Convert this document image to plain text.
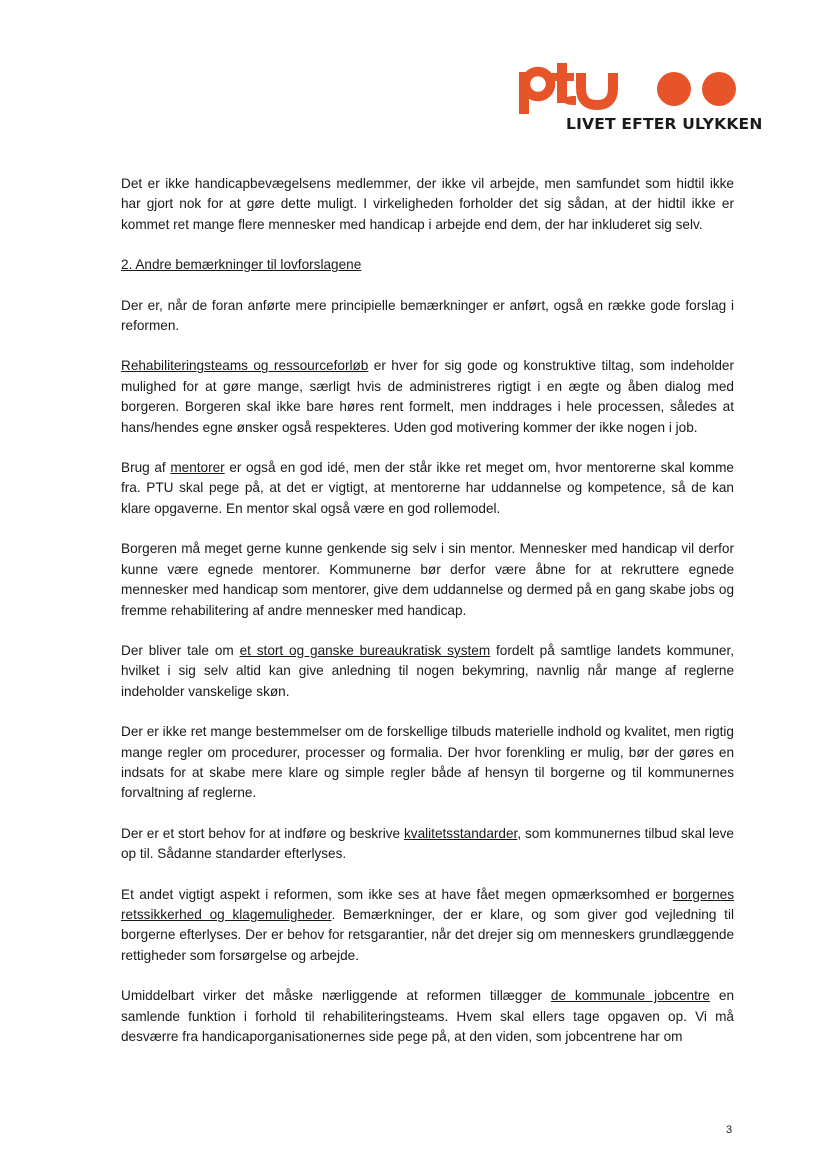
LIVET EFTER ULYKKEN

Det er ikke handicapbevægelsens medlemmer, der ikke vil arbejde, men samfundet som hidtil ikke har gjort nok for at gøre dette muligt. I virkeligheden forholder det sig sådan, at der hidtil ikke er kommet ret mange flere mennesker med handicap i arbejde end dem, der har inkluderet sig selv.

2. Andre bemærkninger til lovforslagene

Der er, når de foran anførte mere principielle bemærkninger er anført, også en række gode forslag i reformen.

Rehabiliteringsteams og ressourceforløb er hver for sig gode og konstruktive tiltag, som indeholder mulighed for at gøre mange, særligt hvis de administreres rigtigt i en ægte og åben dialog med borgeren. Borgeren skal ikke bare høres rent formelt, men inddrages i hele processen, således at hans/hendes egne ønsker også respekteres. Uden god motivering kommer der ikke nogen i job.

Brug af mentorer er også en god idé, men der står ikke ret meget om, hvor mentorerne skal komme fra. PTU skal pege på, at det er vigtigt, at mentorerne har uddannelse og kompetence, så de kan klare opgaverne. En mentor skal også være en god rollemodel.

Borgeren må meget gerne kunne genkende sig selv i sin mentor. Mennesker med handicap vil derfor kunne være egnede mentorer. Kommunerne bør derfor være åbne for at rekruttere egnede mennesker med handicap som mentorer, give dem uddannelse og dermed på en gang skabe jobs og fremme rehabilitering af andre mennesker med handicap.

Der bliver tale om et stort og ganske bureaukratisk system fordelt på samtlige landets kommuner, hvilket i sig selv altid kan give anledning til nogen bekymring, navnlig når mange af reglerne indeholder vanskelige skøn.

Der er ikke ret mange bestemmelser om de forskellige tilbuds materielle indhold og kvalitet, men rigtig mange regler om procedurer, processer og formalia. Der hvor forenkling er mulig, bør der gøres en indsats for at skabe mere klare og simple regler både af hensyn til borgerne og til kommunernes forvaltning af reglerne.

Der er et stort behov for at indføre og beskrive kvalitetsstandarder, som kommunernes tilbud skal leve op til. Sådanne standarder efterlyses.

Et andet vigtigt aspekt i reformen, som ikke ses at have fået megen opmærksomhed er borgernes retssikkerhed og klagemuligheder. Bemærkninger, der er klare, og som giver god vejledning til borgerne efterlyses. Der er behov for retsgarantier, når det drejer sig om menneskers grundlæggende rettigheder som forsørgelse og arbejde.

Umiddelbart virker det måske nærliggende at reformen tillægger de kommunale jobcentre en samlende funktion i forhold til rehabiliteringsteams. Hvem skal ellers tage opgaven op. Vi må desværre fra handicaporganisationernes side pege på, at den viden, som jobcentrene har om

3
